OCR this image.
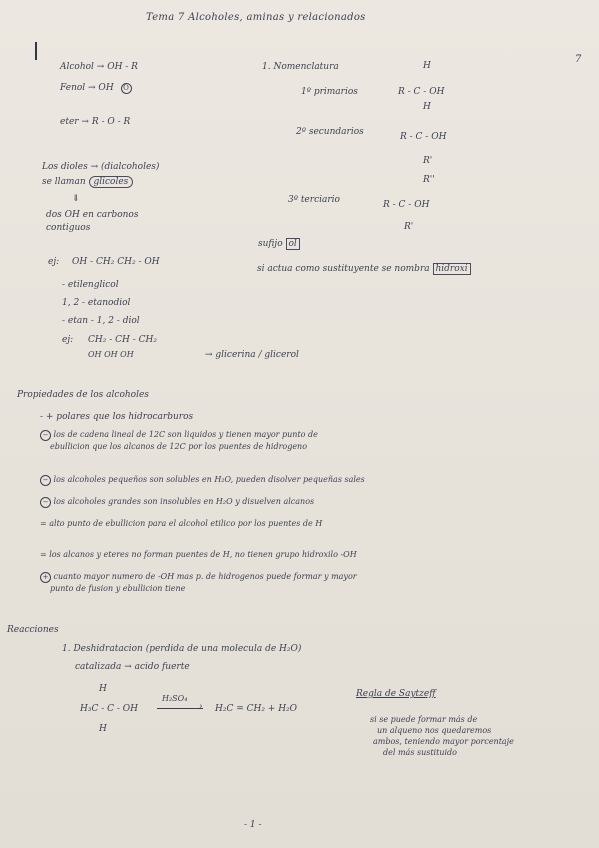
Tema 7 Alcoholes, aminas y relacionados
7
Alcohol → OH - R
Fenol → OH O
eter → R - O - R
1. Nomenclatura	H
1º primarios	R - C - OH
H
2º secundarios	R - C - OH
R'
R''
3º terciario	R - C - OH
R'
sufijo ol
si actua como sustituyente se nombra hidroxi
Los dioles → (dialcoholes)
se llaman glicoles
⇓
dos OH en carbonos
contiguos
ej: OH - CH₂ CH₂ - OH
- etilenglicol
1, 2 - etanodiol
- etan - 1, 2 - diol
ej: CH₂ - CH - CH₂
OH OH OH	→ glicerina / glicerol
Propiedades de los alcoholes
- + polares que los hidrocarburos
− los de cadena lineal de 12C son liquidos y tienen mayor punto de
ebullicion que los alcanos de 12C por los puentes de hidrogeno
− los alcoholes pequeños son solubles en H₂O, pueden disolver pequeñas sales
− los alcoholes grandes son insolubles en H₂O y disuelven alcanos
= alto punto de ebullicion para el alcohol etilico por los puentes de H
= los alcanos y eteres no forman puentes de H, no tienen grupo hidroxilo -OH
+ cuanto mayor numero de -OH mas p. de hidrogenos puede formar y mayor
punto de fusion y ebullicion tiene
Reacciones
1. Deshidratacion (perdida de una molecula de H₂O)
catalizada → acido fuerte
H
H₃C - C - OH
H
H₂SO₄
› H₂C = CH₂ + H₂O
Regla de Saytzeff
si se puede formar más de
un alqueno nos quedaremos
ambos, teniendo mayor porcentaje
del más sustituido
- 1 -
